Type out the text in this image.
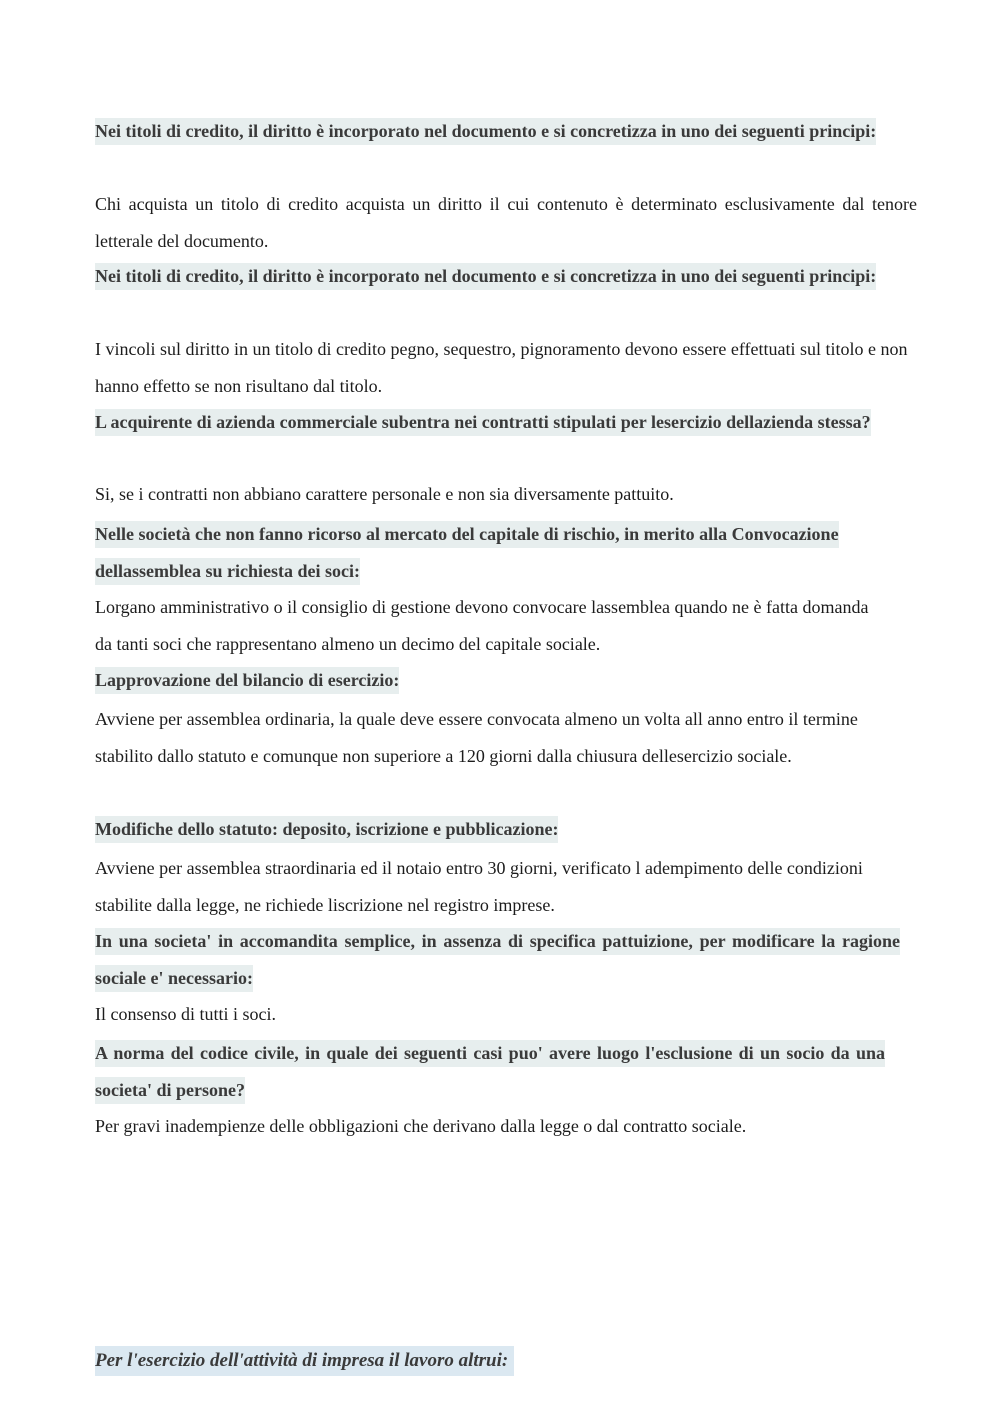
Nei titoli di credito, il diritto è incorporato nel documento e si concretizza in uno dei seguenti principi:
Chi acquista un titolo di credito acquista un diritto il cui contenuto è determinato esclusivamente dal tenore letterale del documento.
Nei titoli di credito, il diritto è incorporato nel documento e si concretizza in uno dei seguenti principi:
I vincoli sul diritto in un titolo di credito pegno, sequestro, pignoramento devono essere effettuati sul titolo e non hanno effetto se non risultano dal titolo.
L acquirente di azienda commerciale subentra nei contratti stipulati per lesercizio dellazienda stessa?
Si, se i contratti non abbiano carattere personale e non sia diversamente pattuito.
Nelle società che non fanno ricorso al mercato del capitale di rischio, in merito alla Convocazione dellassemblea su richiesta dei soci:
Lorgano amministrativo o il consiglio di gestione devono convocare lassemblea quando ne è fatta domanda da tanti soci che rappresentano almeno un decimo del capitale sociale.
Lapprovazione del bilancio di esercizio:
Avviene per assemblea ordinaria, la quale deve essere convocata almeno un volta all anno entro il termine stabilito dallo statuto e comunque non superiore a 120 giorni dalla chiusura dellesercizio sociale.
Modifiche dello statuto: deposito, iscrizione e pubblicazione:
Avviene per assemblea straordinaria ed il notaio entro 30 giorni, verificato l adempimento delle condizioni stabilite dalla legge, ne richiede liscrizione nel registro imprese.
In una societa' in accomandita semplice, in assenza di specifica pattuizione, per modificare la ragione sociale e' necessario:
Il consenso di tutti i soci.
A norma del codice civile, in quale dei seguenti casi puo' avere luogo l'esclusione di un socio da una societa' di persone?
Per gravi inadempienze delle obbligazioni che derivano dalla legge o dal contratto sociale.
Per l'esercizio dell'attività di impresa il lavoro altrui:
